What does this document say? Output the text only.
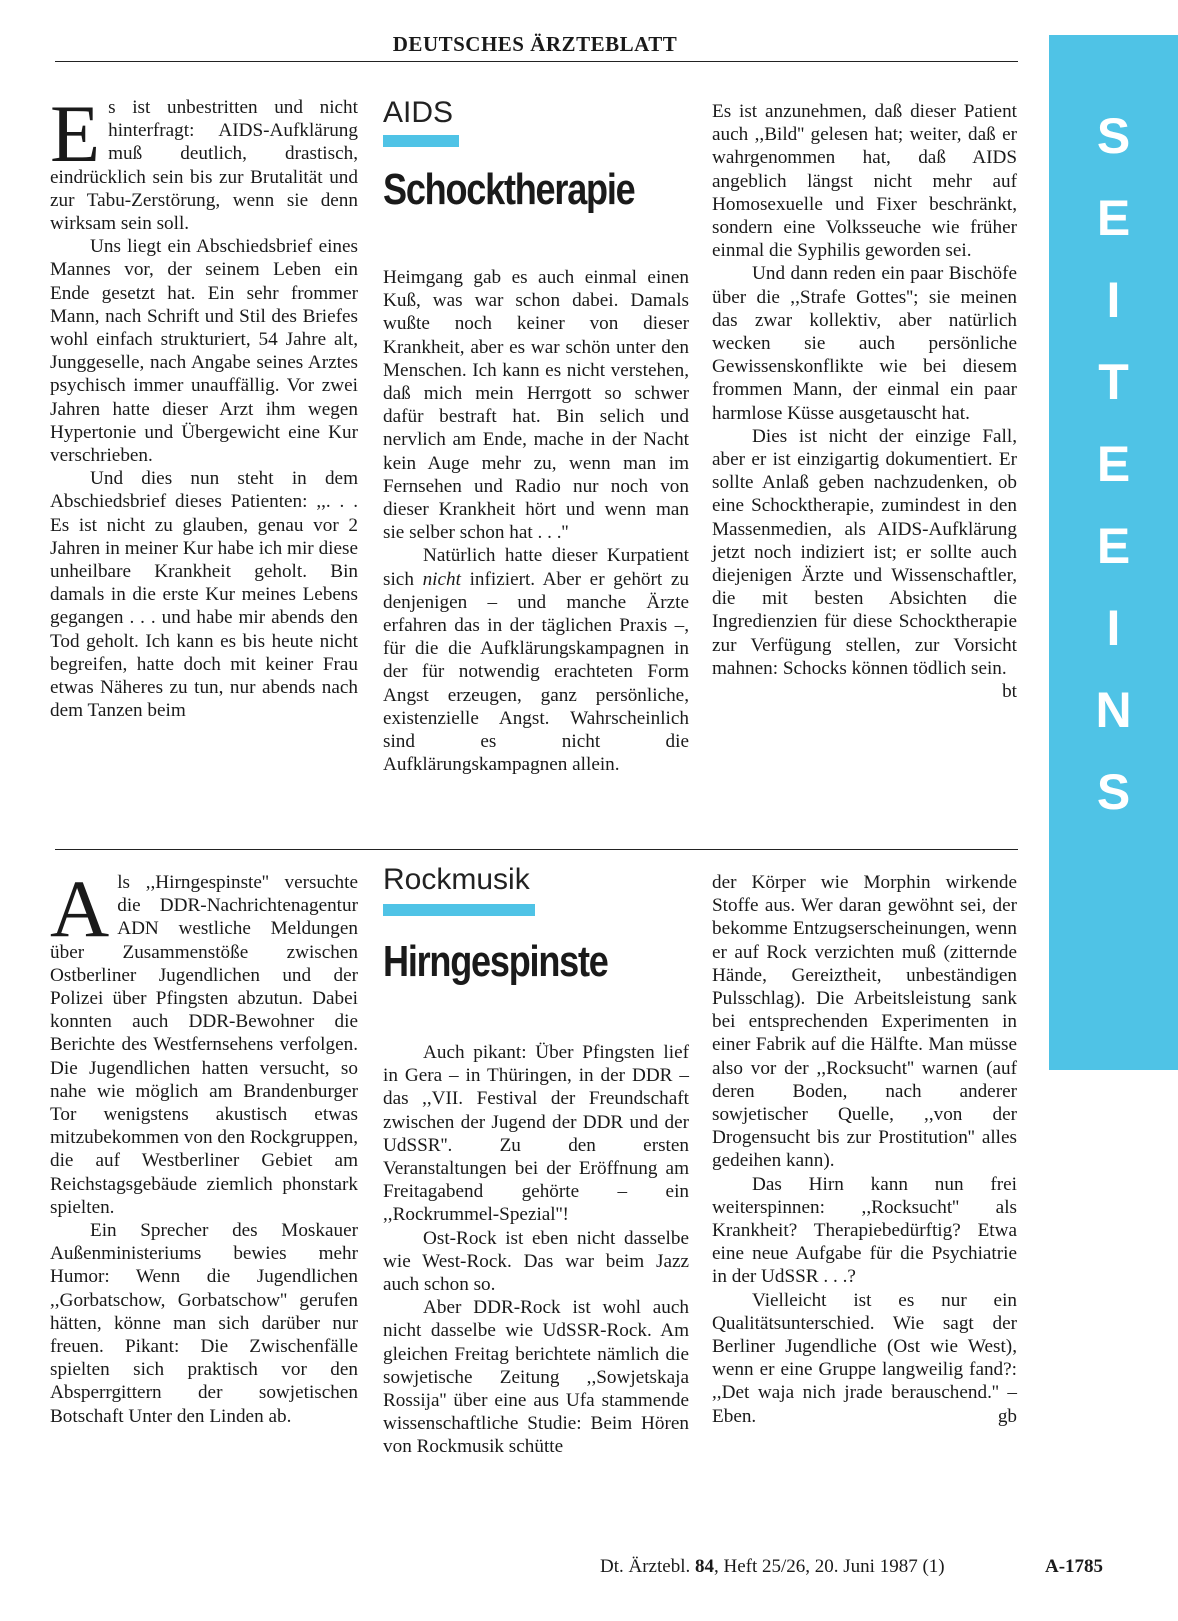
DEUTSCHES ÄRZTEBLATT
S
E
I
T
E
E
I
N
S

Es ist unbestritten und nicht hinterfragt: AIDS-Aufklärung muß deutlich, drastisch, eindrücklich sein bis zur Brutalität und zur Tabu-Zerstörung, wenn sie denn wirksam sein soll.

Uns liegt ein Abschiedsbrief eines Mannes vor, der seinem Leben ein Ende gesetzt hat. Ein sehr frommer Mann, nach Schrift und Stil des Briefes wohl einfach strukturiert, 54 Jahre alt, Junggeselle, nach Angabe seines Arztes psychisch immer unauffällig. Vor zwei Jahren hatte dieser Arzt ihm wegen Hypertonie und Übergewicht eine Kur verschrieben.

Und dies nun steht in dem Abschiedsbrief dieses Patienten: ,,. . . Es ist nicht zu glauben, genau vor 2 Jahren in meiner Kur habe ich mir diese unheilbare Krankheit geholt. Bin damals in die erste Kur meines Lebens gegangen . . . und habe mir abends den Tod geholt. Ich kann es bis heute nicht begreifen, hatte doch mit keiner Frau etwas Näheres zu tun, nur abends nach dem Tanzen beim

AIDS
Schocktherapie

Heimgang gab es auch einmal einen Kuß, was war schon dabei. Damals wußte noch keiner von dieser Krankheit, aber es war schön unter den Menschen. Ich kann es nicht verstehen, daß mich mein Herrgott so schwer dafür bestraft hat. Bin selich und nervlich am Ende, mache in der Nacht kein Auge mehr zu, wenn man im Fernsehen und Radio nur noch von dieser Krankheit hört und wenn man sie selber schon hat . . .''

Natürlich hatte dieser Kurpatient sich nicht infiziert. Aber er gehört zu denjenigen – und manche Ärzte erfahren das in der täglichen Praxis –, für die die Aufklärungskampagnen in der für notwendig erachteten Form Angst erzeugen, ganz persönliche, existenzielle Angst. Wahrscheinlich sind es nicht die Aufklärungskampagnen allein.

Es ist anzunehmen, daß dieser Patient auch ,,Bild'' gelesen hat; weiter, daß er wahrgenommen hat, daß AIDS angeblich längst nicht mehr auf Homosexuelle und Fixer beschränkt, sondern eine Volksseuche wie früher einmal die Syphilis geworden sei.

Und dann reden ein paar Bischöfe über die ,,Strafe Gottes''; sie meinen das zwar kollektiv, aber natürlich wecken sie auch persönliche Gewissenskonflikte wie bei diesem frommen Mann, der einmal ein paar harmlose Küsse ausgetauscht hat.

Dies ist nicht der einzige Fall, aber er ist einzigartig dokumentiert. Er sollte Anlaß geben nachzudenken, ob eine Schocktherapie, zumindest in den Massenmedien, als AIDS-Aufklärung jetzt noch indiziert ist; er sollte auch diejenigen Ärzte und Wissenschaftler, die mit besten Absichten die Ingredienzien für diese Schocktherapie zur Verfügung stellen, zur Vorsicht mahnen: Schocks können tödlich sein.
bt

Als ,,Hirngespinste'' versuchte die DDR-Nachrichtenagentur ADN westliche Meldungen über Zusammenstöße zwischen Ostberliner Jugendlichen und der Polizei über Pfingsten abzutun. Dabei konnten auch DDR-Bewohner die Berichte des Westfernsehens verfolgen. Die Jugendlichen hatten versucht, so nahe wie möglich am Brandenburger Tor wenigstens akustisch etwas mitzubekommen von den Rockgruppen, die auf Westberliner Gebiet am Reichstagsgebäude ziemlich phonstark spielten.

Ein Sprecher des Moskauer Außenministeriums bewies mehr Humor: Wenn die Jugendlichen ,,Gorbatschow, Gorbatschow'' gerufen hätten, könne man sich darüber nur freuen. Pikant: Die Zwischenfälle spielten sich praktisch vor den Absperrgittern der sowjetischen Botschaft Unter den Linden ab.

Rockmusik
Hirngespinste

Auch pikant: Über Pfingsten lief in Gera – in Thüringen, in der DDR – das ,,VII. Festival der Freundschaft zwischen der Jugend der DDR und der UdSSR''. Zu den ersten Veranstaltungen bei der Eröffnung am Freitagabend gehörte – ein ,,Rockrummel-Spezial''!

Ost-Rock ist eben nicht dasselbe wie West-Rock. Das war beim Jazz auch schon so.

Aber DDR-Rock ist wohl auch nicht dasselbe wie UdSSR-Rock. Am gleichen Freitag berichtete nämlich die sowjetische Zeitung ,,Sowjetskaja Rossija'' über eine aus Ufa stammende wissenschaftliche Studie: Beim Hören von Rockmusik schütte

der Körper wie Morphin wirkende Stoffe aus. Wer daran gewöhnt sei, der bekomme Entzugserscheinungen, wenn er auf Rock verzichten muß (zitternde Hände, Gereiztheit, unbeständigen Pulsschlag). Die Arbeitsleistung sank bei entsprechenden Experimenten in einer Fabrik auf die Hälfte. Man müsse also vor der ,,Rocksucht'' warnen (auf deren Boden, nach anderer sowjetischer Quelle, ,,von der Drogensucht bis zur Prostitution'' alles gedeihen kann).

Das Hirn kann nun frei weiterspinnen: ,,Rocksucht'' als Krankheit? Therapiebedürftig? Etwa eine neue Aufgabe für die Psychiatrie in der UdSSR . . .?

Vielleicht ist es nur ein Qualitätsunterschied. Wie sagt der Berliner Jugendliche (Ost wie West), wenn er eine Gruppe langweilig fand?: ,,Det waja nich jrade berauschend.'' – Eben.	gb

Dt. Ärztebl. 84, Heft 25/26, 20. Juni 1987 (1)	A-1785
